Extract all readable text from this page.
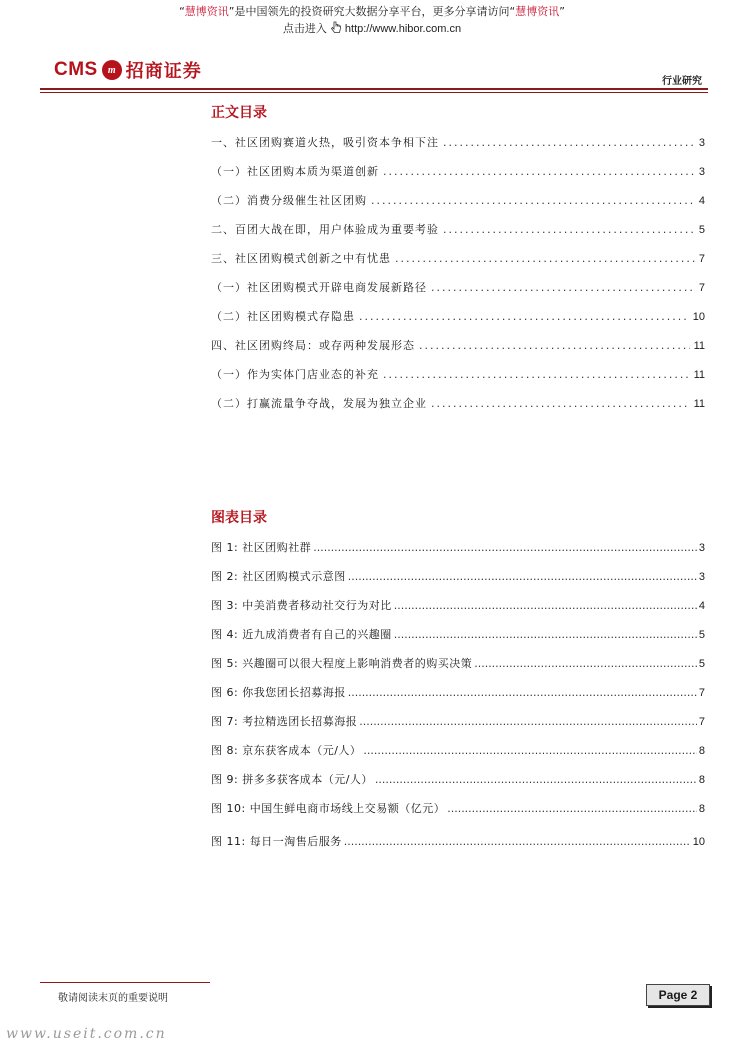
“慧博资讯”是中国领先的投资研究大数据分享平台，更多分享请访问“慧博资讯”
点击进入 http://www.hibor.com.cn
CMS	m 招商证券	行业研究
正文目录
一、社区团购赛道火热，吸引资本争相下注 .....	3
（一）社区团购本质为渠道创新 .....	3
（二）消费分级催生社区团购 .....	4
二、百团大战在即，用户体验成为重要考验 .....	5
三、社区团购模式创新之中有忧患 .....	7
（一）社区团购模式开辟电商发展新路径 .....	7
（二）社区团购模式存隐患 .....	10
四、社区团购终局：或存两种发展形态 .....	11
（一）作为实体门店业态的补充 .....	11
（二）打赢流量争夺战，发展为独立企业 .....	11
图表目录
图 1: 社区团购社群 .....	3
图 2: 社区团购模式示意图 .....	3
图 3: 中美消费者移动社交行为对比 .....	4
图 4: 近九成消费者有自己的兴趣圈 .....	5
图 5: 兴趣圈可以很大程度上影响消费者的购买决策 .....	5
图 6: 你我您团长招募海报 .....	7
图 7: 考拉精选团长招募海报 .....	7
图 8: 京东获客成本（元/人） .....	8
图 9: 拼多多获客成本（元/人） .....	8
图 10: 中国生鲜电商市场线上交易额（亿元） .....	8
图 11: 每日一淘售后服务 .....	10
敬请阅读末页的重要说明	Page 2
www.useit.com.cn
